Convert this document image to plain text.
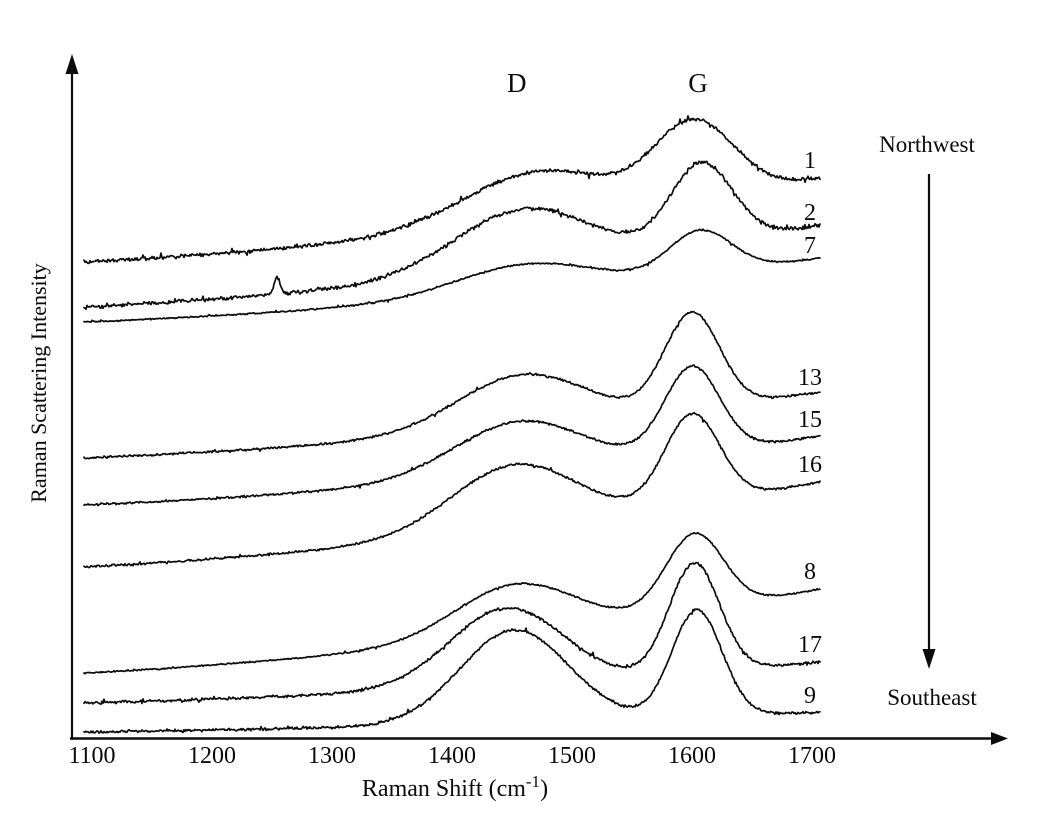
1
2
7
13
15
16
8
17
9
1100	1200	1300	1400	1500	1600	1700
D	G
Northwest
Southeast
Raman Scattering Intensity
Raman Shift $(cm^{-1})$
